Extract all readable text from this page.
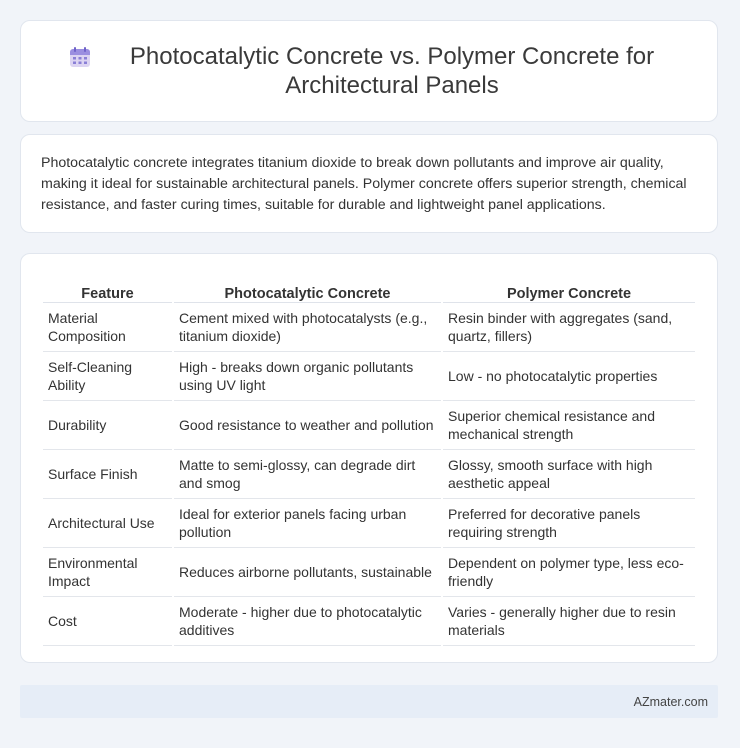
Photocatalytic Concrete vs. Polymer Concrete for Architectural Panels

Photocatalytic concrete integrates titanium dioxide to break down pollutants and improve air quality, making it ideal for sustainable architectural panels. Polymer concrete offers superior strength, chemical resistance, and faster curing times, suitable for durable and lightweight panel applications.

Feature	Photocatalytic Concrete	Polymer Concrete
Material Composition	Cement mixed with photocatalysts (e.g., titanium dioxide)	Resin binder with aggregates (sand, quartz, fillers)
Self-Cleaning Ability	High - breaks down organic pollutants using UV light	Low - no photocatalytic properties
Durability	Good resistance to weather and pollution	Superior chemical resistance and mechanical strength
Surface Finish	Matte to semi-glossy, can degrade dirt and smog	Glossy, smooth surface with high aesthetic appeal
Architectural Use	Ideal for exterior panels facing urban pollution	Preferred for decorative panels requiring strength
Environmental Impact	Reduces airborne pollutants, sustainable	Dependent on polymer type, less eco-friendly
Cost	Moderate - higher due to photocatalytic additives	Varies - generally higher due to resin materials
AZmater.com
